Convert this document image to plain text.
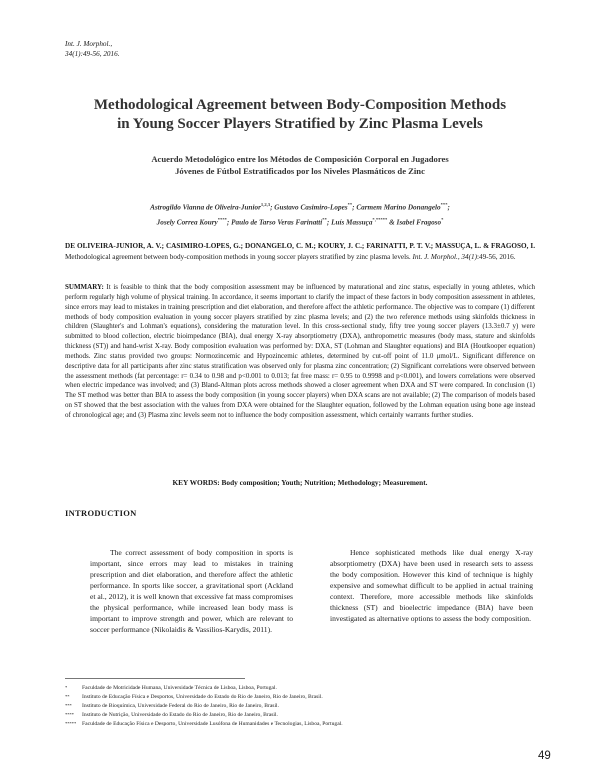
Int. J. Morphol.,
34(1):49-56, 2016.
Methodological Agreement between Body-Composition Methods
in Young Soccer Players Stratified by Zinc Plasma Levels
Acuerdo Metodológico entre los Métodos de Composición Corporal en Jugadores
Jóvenes de Fútbol Estratificados por los Niveles Plasmáticos de Zinc
Astrogildo Vianna de Oliveira-Junior$^{1,2,3}$; Gustavo Casimiro-Lopes**; Carmem Marino Donangelo***;
Josely Correa Koury****; Paulo de Tarso Veras Farinatti**; Luís Massuça*,***** & Isabel Fragoso*
DE OLIVEIRA-JUNIOR, A. V.; CASIMIRO-LOPES, G.; DONANGELO, C. M.; KOURY, J. C.; FARINATTI, P. T. V.; MASSUÇA, L. & FRAGOSO, I. Methodological agreement between body-composition methods in young soccer players stratified by zinc plasma levels. Int. J. Morphol., 34(1):49-56, 2016.
SUMMARY: It is feasible to think that the body composition assessment may be influenced by maturational and zinc status, especially in young athletes, which perform regularly high volume of physical training. In accordance, it seems important to clarify the impact of these factors in body composition assessment in athletes, since errors may lead to mistakes in training prescription and diet elaboration, and therefore affect the athletic performance. The objective was to compare (1) different methods of body composition evaluation in young soccer players stratified by zinc plasma levels; and (2) the two reference methods using skinfolds thickness in children (Slaughter's and Lohman's equations), considering the maturation level. In this cross-sectional study, fifty tree young soccer players (13.3±0.7 y) were submitted to blood collection, electric bioimpedance (BIA), dual energy X-ray absorptiometry (DXA), anthropometric measures (body mass, stature and skinfolds thickness (ST)) and hand-wrist X-ray. Body composition evaluation was performed by: DXA, ST (Lohman and Slaughter equations) and BIA (Houtkooper equation) methods. Zinc status provided two groups: Normozincemic and Hypozincemic athletes, determined by cut-off point of 11.0 μmol/L. Significant difference on descriptive data for all participants after zinc status stratification was observed only for plasma zinc concentration; (2) Significant correlations were observed between the assessment methods (fat percentage: r= 0.34 to 0.98 and p<0.001 to 0.013; fat free mass: r= 0.95 to 0.9998 and p<0.001), and lowers correlations were observed when electric impedance was involved; and (3) Bland-Altman plots across methods showed a closer agreement when DXA and ST were compared. In conclusion (1) The ST method was better than BIA to assess the body composition (in young soccer players) when DXA scans are not available; (2) The comparison of models based on ST showed that the best association with the values from DXA were obtained for the Slaughter equation, followed by the Lohman equation using bone age instead of chronological age; and (3) Plasma zinc levels seem not to influence the body composition assessment, which certainly warrants further studies.
KEY WORDS: Body composition; Youth; Nutrition; Methodology; Measurement.
INTRODUCTION

The correct assessment of body composition in sports is important, since errors may lead to mistakes in training prescription and diet elaboration, and therefore affect the athletic performance. In sports like soccer, a gravitational sport (Ackland et al., 2012), it is well known that excessive fat mass compromises the physical performance, while increased lean body mass is important to improve strength and power, which are relevant to soccer performance (Nikolaidis & Vassilios-Karydis, 2011).

Hence sophisticated methods like dual energy X-ray absorptiometry (DXA) have been used in research sets to assess the body composition. However this kind of technique is highly expensive and somewhat difficult to be applied in actual training context. Therefore, more accessible methods like skinfolds thickness (ST) and bioelectric impedance (BIA) have been investigated as alternative options to assess the body composition.

*	Faculdade de Motricidade Humana, Universidade Técnica de Lisboa, Lisboa, Portugal.
** Instituto de Educação Física e Desportos, Universidade do Estado do Rio de Janeiro, Rio de Janeiro, Brasil.
*** Instituto de Bioquímica, Universidade Federal do Rio de Janeiro, Rio de Janeiro, Brasil.
**** Instituto de Nutrição, Universidade do Estado do Rio de Janeiro, Rio de Janeiro, Brasil.
***** Faculdade de Educação Física e Desporto, Universidade Lusófona de Humanidades e Tecnologias, Lisboa, Portugal.
49
